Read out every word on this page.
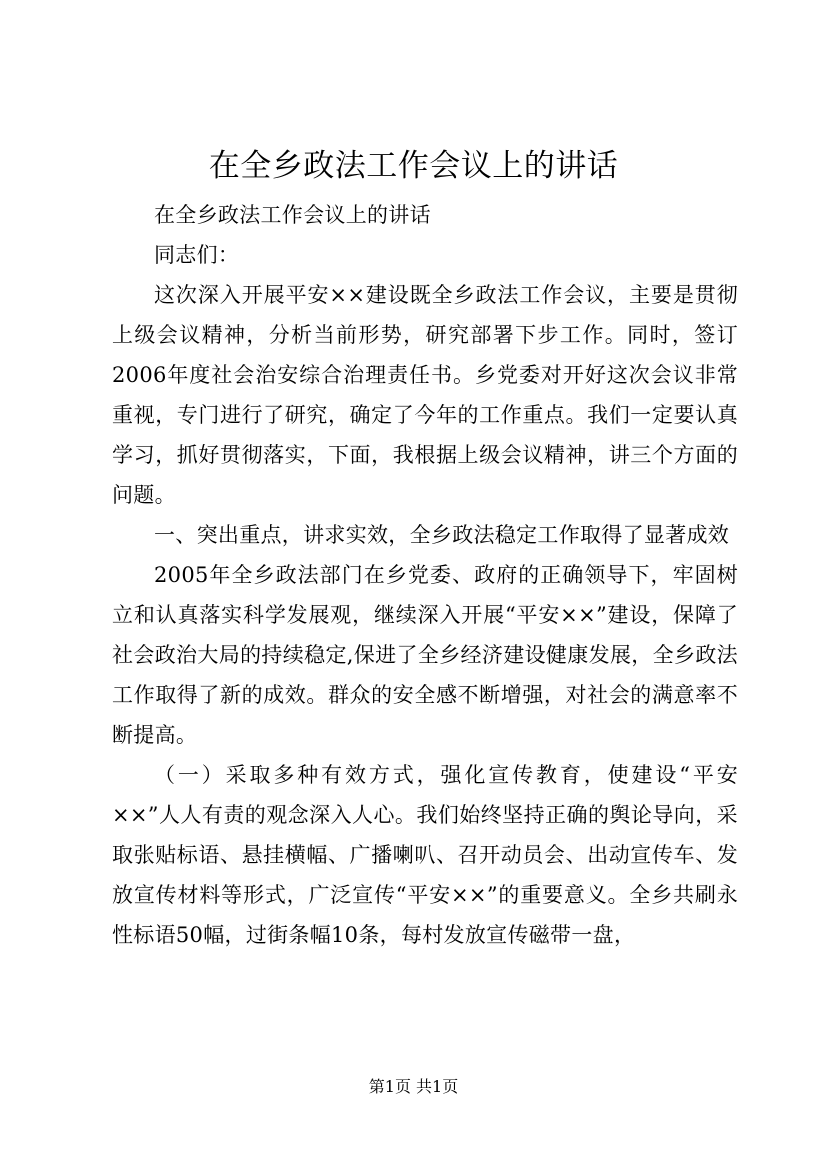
在全乡政法工作会议上的讲话

在全乡政法工作会议上的讲话

同志们：

这次深入开展平安××建设既全乡政法工作会议，主要是贯彻上级会议精神，分析当前形势，研究部署下步工作。同时，签订2006年度社会治安综合治理责任书。乡党委对开好这次会议非常重视，专门进行了研究，确定了今年的工作重点。我们一定要认真学习，抓好贯彻落实，下面，我根据上级会议精神，讲三个方面的问题。

一、突出重点，讲求实效，全乡政法稳定工作取得了显著成效

2005年全乡政法部门在乡党委、政府的正确领导下，牢固树立和认真落实科学发展观，继续深入开展“平安××”建设，保障了社会政治大局的持续稳定,保进了全乡经济建设健康发展，全乡政法工作取得了新的成效。群众的安全感不断增强，对社会的满意率不断提高。

（一）采取多种有效方式，强化宣传教育，使建设“平安××”人人有责的观念深入人心。我们始终坚持正确的舆论导向，采取张贴标语、悬挂横幅、广播喇叭、召开动员会、出动宣传车、发放宣传材料等形式，广泛宣传“平安××”的重要意义。全乡共刷永性标语50幅，过街条幅10条，每村发放宣传磁带一盘，

第1页 共1页
